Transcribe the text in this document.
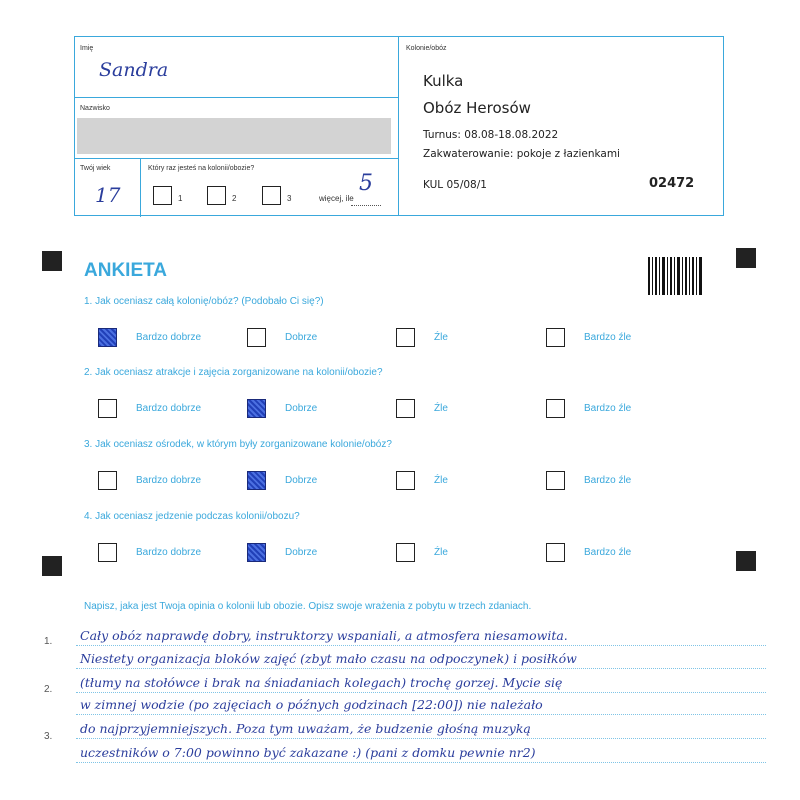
Imię
Sandra
Nazwisko
Twój wiek
17
Który raz jesteś na kolonii/obozie?
1	2	3	więcej, ile
5
Kolonie/obóz
Kulka
Obóz Herosów
Turnus: 08.08-18.08.2022
Zakwaterowanie: pokoje z łazienkami
KUL 05/08/1	02472
ANKIETA
1. Jak oceniasz całą kolonię/obóz? (Podobało Ci się?)
Bardzo dobrze	Dobrze	Źle	Bardzo źle
2. Jak oceniasz atrakcje i zajęcia zorganizowane na kolonii/obozie?
Bardzo dobrze	Dobrze	Źle	Bardzo źle
3. Jak oceniasz ośrodek, w którym były zorganizowane kolonie/obóz?
Bardzo dobrze	Dobrze	Źle	Bardzo źle
4. Jak oceniasz jedzenie podczas kolonii/obozu?
Bardzo dobrze	Dobrze	Źle	Bardzo źle
Napisz, jaka jest Twoja opinia o kolonii lub obozie. Opisz swoje wrażenia z pobytu w trzech zdaniach.
Cały obóz naprawdę dobry, instruktorzy wspaniali, a atmosfera niesamowita.
Niestety organizacja bloków zajęć (zbyt mało czasu na odpoczynek) i posiłków
(tłumy na stołówce i brak na śniadaniach kolegach) trochę gorzej. Mycie się
w zimnej wodzie (po zajęciach o późnych godzinach [22:00]) nie należało
do najprzyjemniejszych. Poza tym uważam, że budzenie głośną muzyką
uczestników o 7:00 powinno być zakazane :) (pani z domku pewnie nr2)
1.
2.
3.
